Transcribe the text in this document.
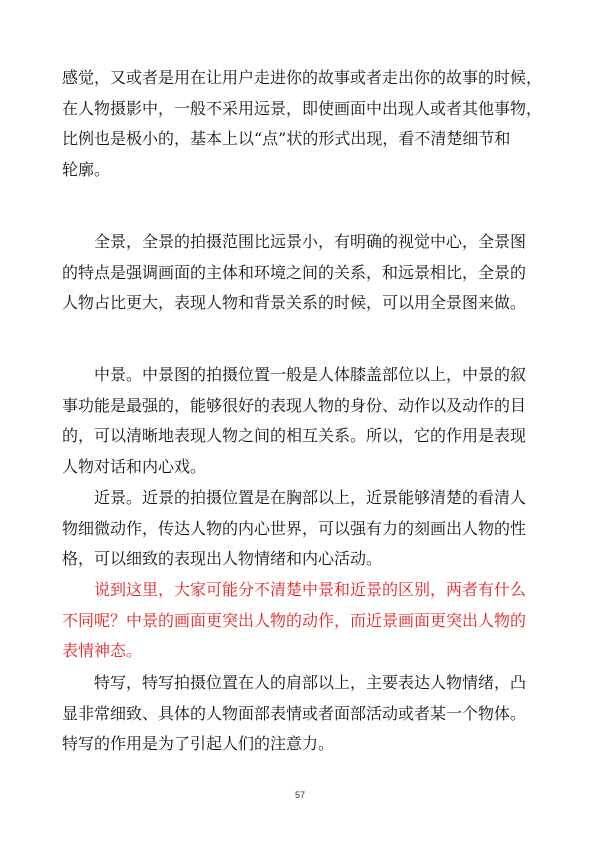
感觉，又或者是用在让用户走进你的故事或者走出你的故事的时候，
在人物摄影中，一般不采用远景，即使画面中出现人或者其他事物，
比例也是极小的，基本上以“点”状的形式出现，看不清楚细节和
轮廓。
　　全景，全景的拍摄范围比远景小，有明确的视觉中心，全景图
的特点是强调画面的主体和环境之间的关系，和远景相比，全景的
人物占比更大，表现人物和背景关系的时候，可以用全景图来做。
　　中景。中景图的拍摄位置一般是人体膝盖部位以上，中景的叙
事功能是最强的，能够很好的表现人物的身份、动作以及动作的目
的，可以清晰地表现人物之间的相互关系。所以，它的作用是表现
人物对话和内心戏。
　　近景。近景的拍摄位置是在胸部以上，近景能够清楚的看清人
物细微动作，传达人物的内心世界，可以强有力的刻画出人物的性
格，可以细致的表现出人物情绪和内心活动。
　　说到这里，大家可能分不清楚中景和近景的区别，两者有什么
不同呢？中景的画面更突出人物的动作，而近景画面更突出人物的
表情神态。
　　特写，特写拍摄位置在人的肩部以上，主要表达人物情绪，凸
显非常细致、具体的人物面部表情或者面部活动或者某一个物体。
特写的作用是为了引起人们的注意力。
57
